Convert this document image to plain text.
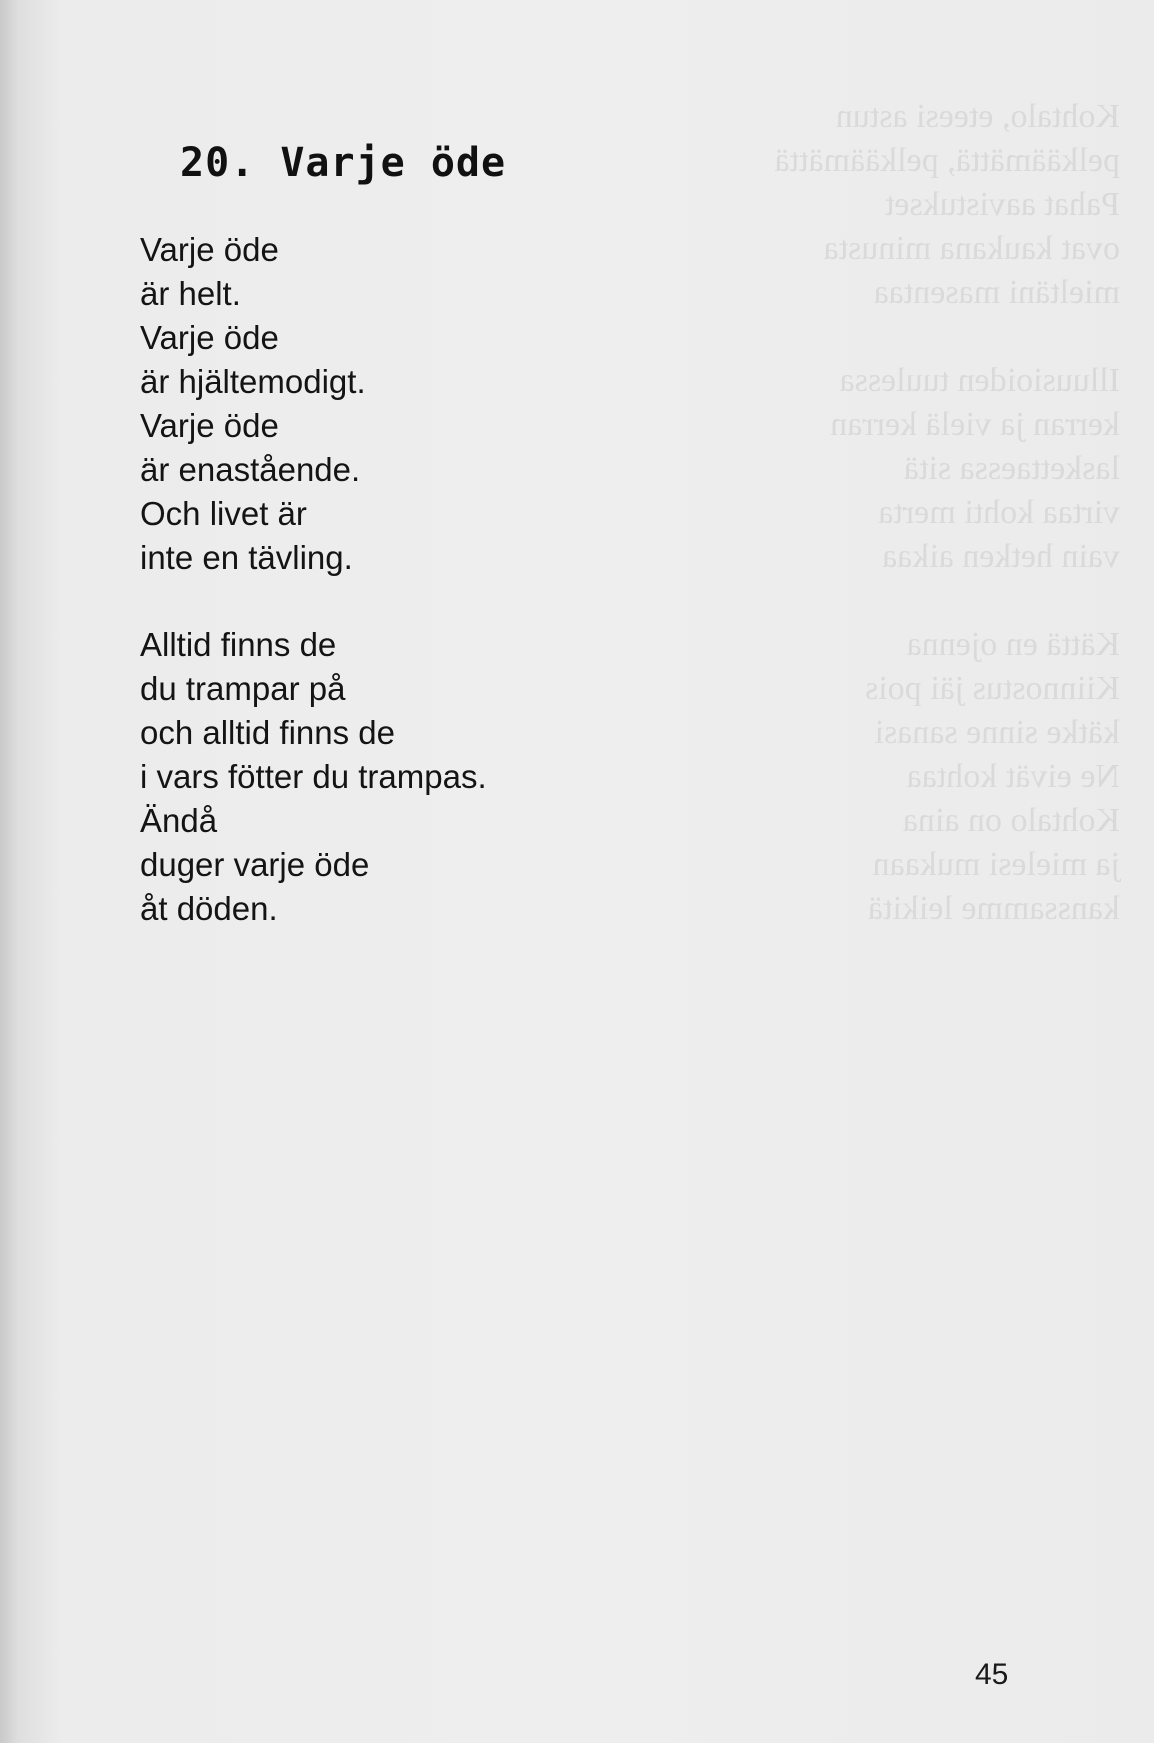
Kohtalo, eteesi astun
pelkäämättä, pelkäämättä
Pahat aavistukset
ovat kaukana minusta
mieltäni masentaa

Illuusioiden tuulessa
kerran ja vielä kerran
laskettaessa sitä
virtaa kohti merta
vain hetken aikaa

Kättä en ojenna
Kiinnostus jäi pois
kätke sinne sanasi
Ne eivät kohtaa
Kohtalo on aina
ja mielesi mukaan
kanssamme leikitä
20. Varje öde
Varje öde
är helt.
Varje öde
är hjältemodigt.
Varje öde
är enastående.
Och livet är
inte en tävling.
Alltid finns de
du trampar på
och alltid finns de
i vars fötter du trampas.
Ändå
duger varje öde
åt döden.
45
